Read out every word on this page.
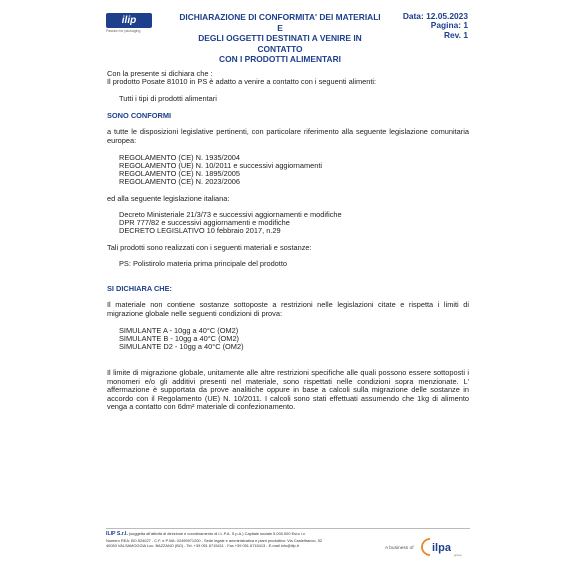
ilip
Passion for packaging
DICHIARAZIONE DI CONFORMITA' DEI MATERIALI E
DEGLI OGGETTI DESTINATI A VENIRE IN CONTATTO
CON I PRODOTTI ALIMENTARI
Data: 12.05.2023
Pagina: 1
Rev. 1
Con la presente si dichiara che :
Il prodotto Posate 81010 in PS è adatto a venire a contatto con i seguenti alimenti:
Tutti i tipi di prodotti alimentari
SONO CONFORMI
a tutte le disposizioni legislative pertinenti, con particolare riferimento alla seguente legislazione comunitaria europea:
REGOLAMENTO (CE) N. 1935/2004
REGOLAMENTO (UE) N. 10/2011 e successivi aggiornamenti
REGOLAMENTO (CE) N. 1895/2005
REGOLAMENTO (CE) N. 2023/2006
ed alla seguente legislazione italiana:
Decreto Ministeriale 21/3/73 e successivi aggiornamenti e modifiche
DPR 777/82 e successivi aggiornamenti e modifiche
DECRETO LEGISLATIVO 10 febbraio 2017, n.29
Tali prodotti sono realizzati con i seguenti materiali e sostanze:
PS: Polistirolo materia prima principale del prodotto
SI DICHIARA CHE:
Il materiale non contiene sostanze sottoposte a restrizioni nelle legislazioni citate e rispetta i limiti di migrazione globale nelle seguenti condizioni di prova:
SIMULANTE A - 10gg a 40°C (OM2)
SIMULANTE B - 10gg a 40°C (OM2)
SIMULANTE D2 - 10gg a 40°C (OM2)
Il limite di migrazione globale, unitamente alle altre restrizioni specifiche alle quali possono essere sottoposti i monomeri e/o gli additivi presenti nel materiale, sono rispettati nelle condizioni sopra menzionate. L' affermazione è supportata da prove analitiche oppure in base a calcoli sulla migrazione delle sostanze in accordo con il Regolamento (UE) N. 10/2011. I calcoli sono stati effettuati assumendo che 1kg di alimento venga a contatto con 6dm² materiale di confezionamento.
ILIP S.r.l. (soggetta all'attività di direzione e coordinamento di I.L.P.A. S.p.A.) Capitale sociale 5.000.000 Euro i.v.
Numero REA: BO 524027 - C.F. e P.IVA: 02499971200 - Sede legale e amministrativa e plant produttivo: Via Castelfranco, 52
40053 VALSAMOGGIA Loc. BAZZANO (BO) - Tel. +39 051 6715411 - Fax +39 051 6715413 - E-mail info@ilip.it
A business of ilpa
group
